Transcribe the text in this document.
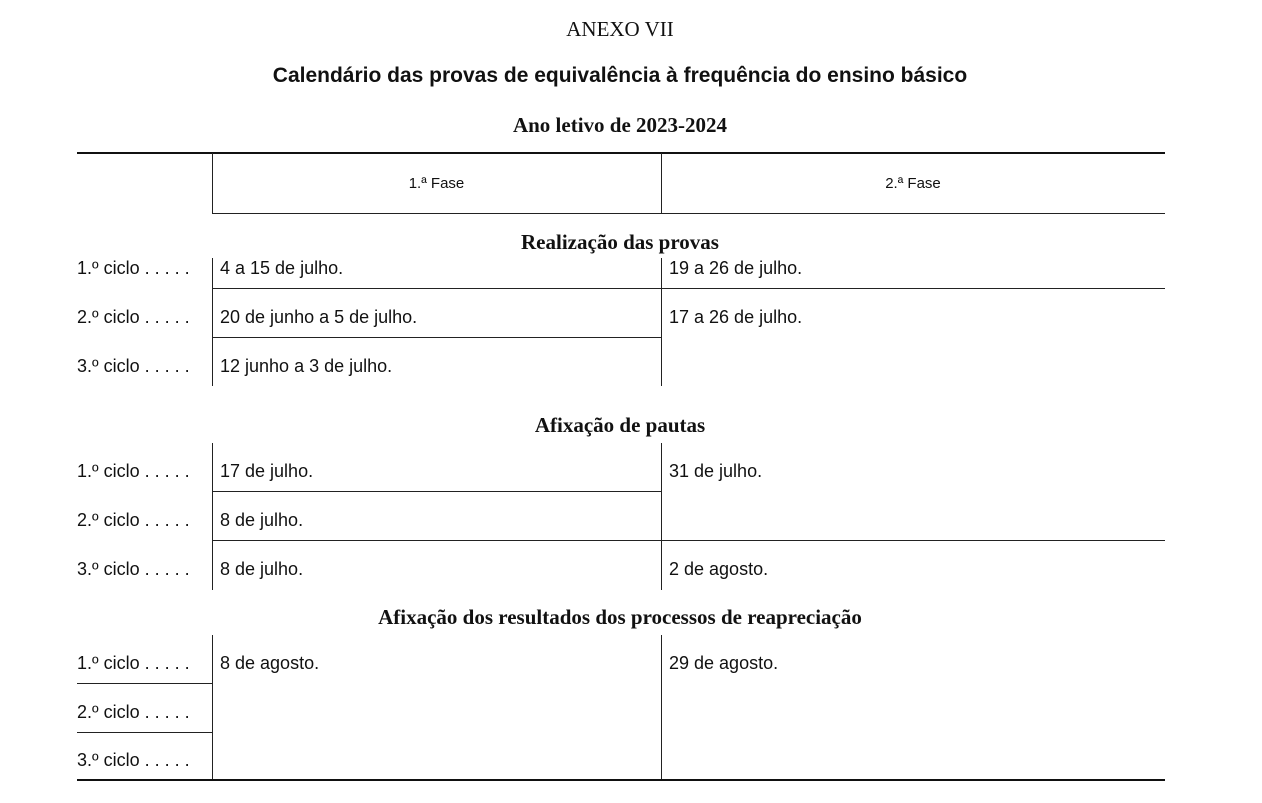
ANEXO VII
Calendário das provas de equivalência à frequência do ensino básico
Ano letivo de 2023-2024
1.ª Fase	2.ª Fase
Realização das provas
1.º ciclo . . . . .
2.º ciclo . . . . .
3.º ciclo . . . . .
4 a 15 de julho.
20 de junho a 5 de julho.
12 junho a 3 de julho.
19 a 26 de julho.
17 a 26 de julho.
Afixação de pautas
1.º ciclo . . . . .
2.º ciclo . . . . .
3.º ciclo . . . . .
17 de julho.
8 de julho.
8 de julho.
31 de julho.
2 de agosto.
Afixação dos resultados dos processos de reapreciação
1.º ciclo . . . . .
2.º ciclo . . . . .
3.º ciclo . . . . .
8 de agosto.	29 de agosto.
